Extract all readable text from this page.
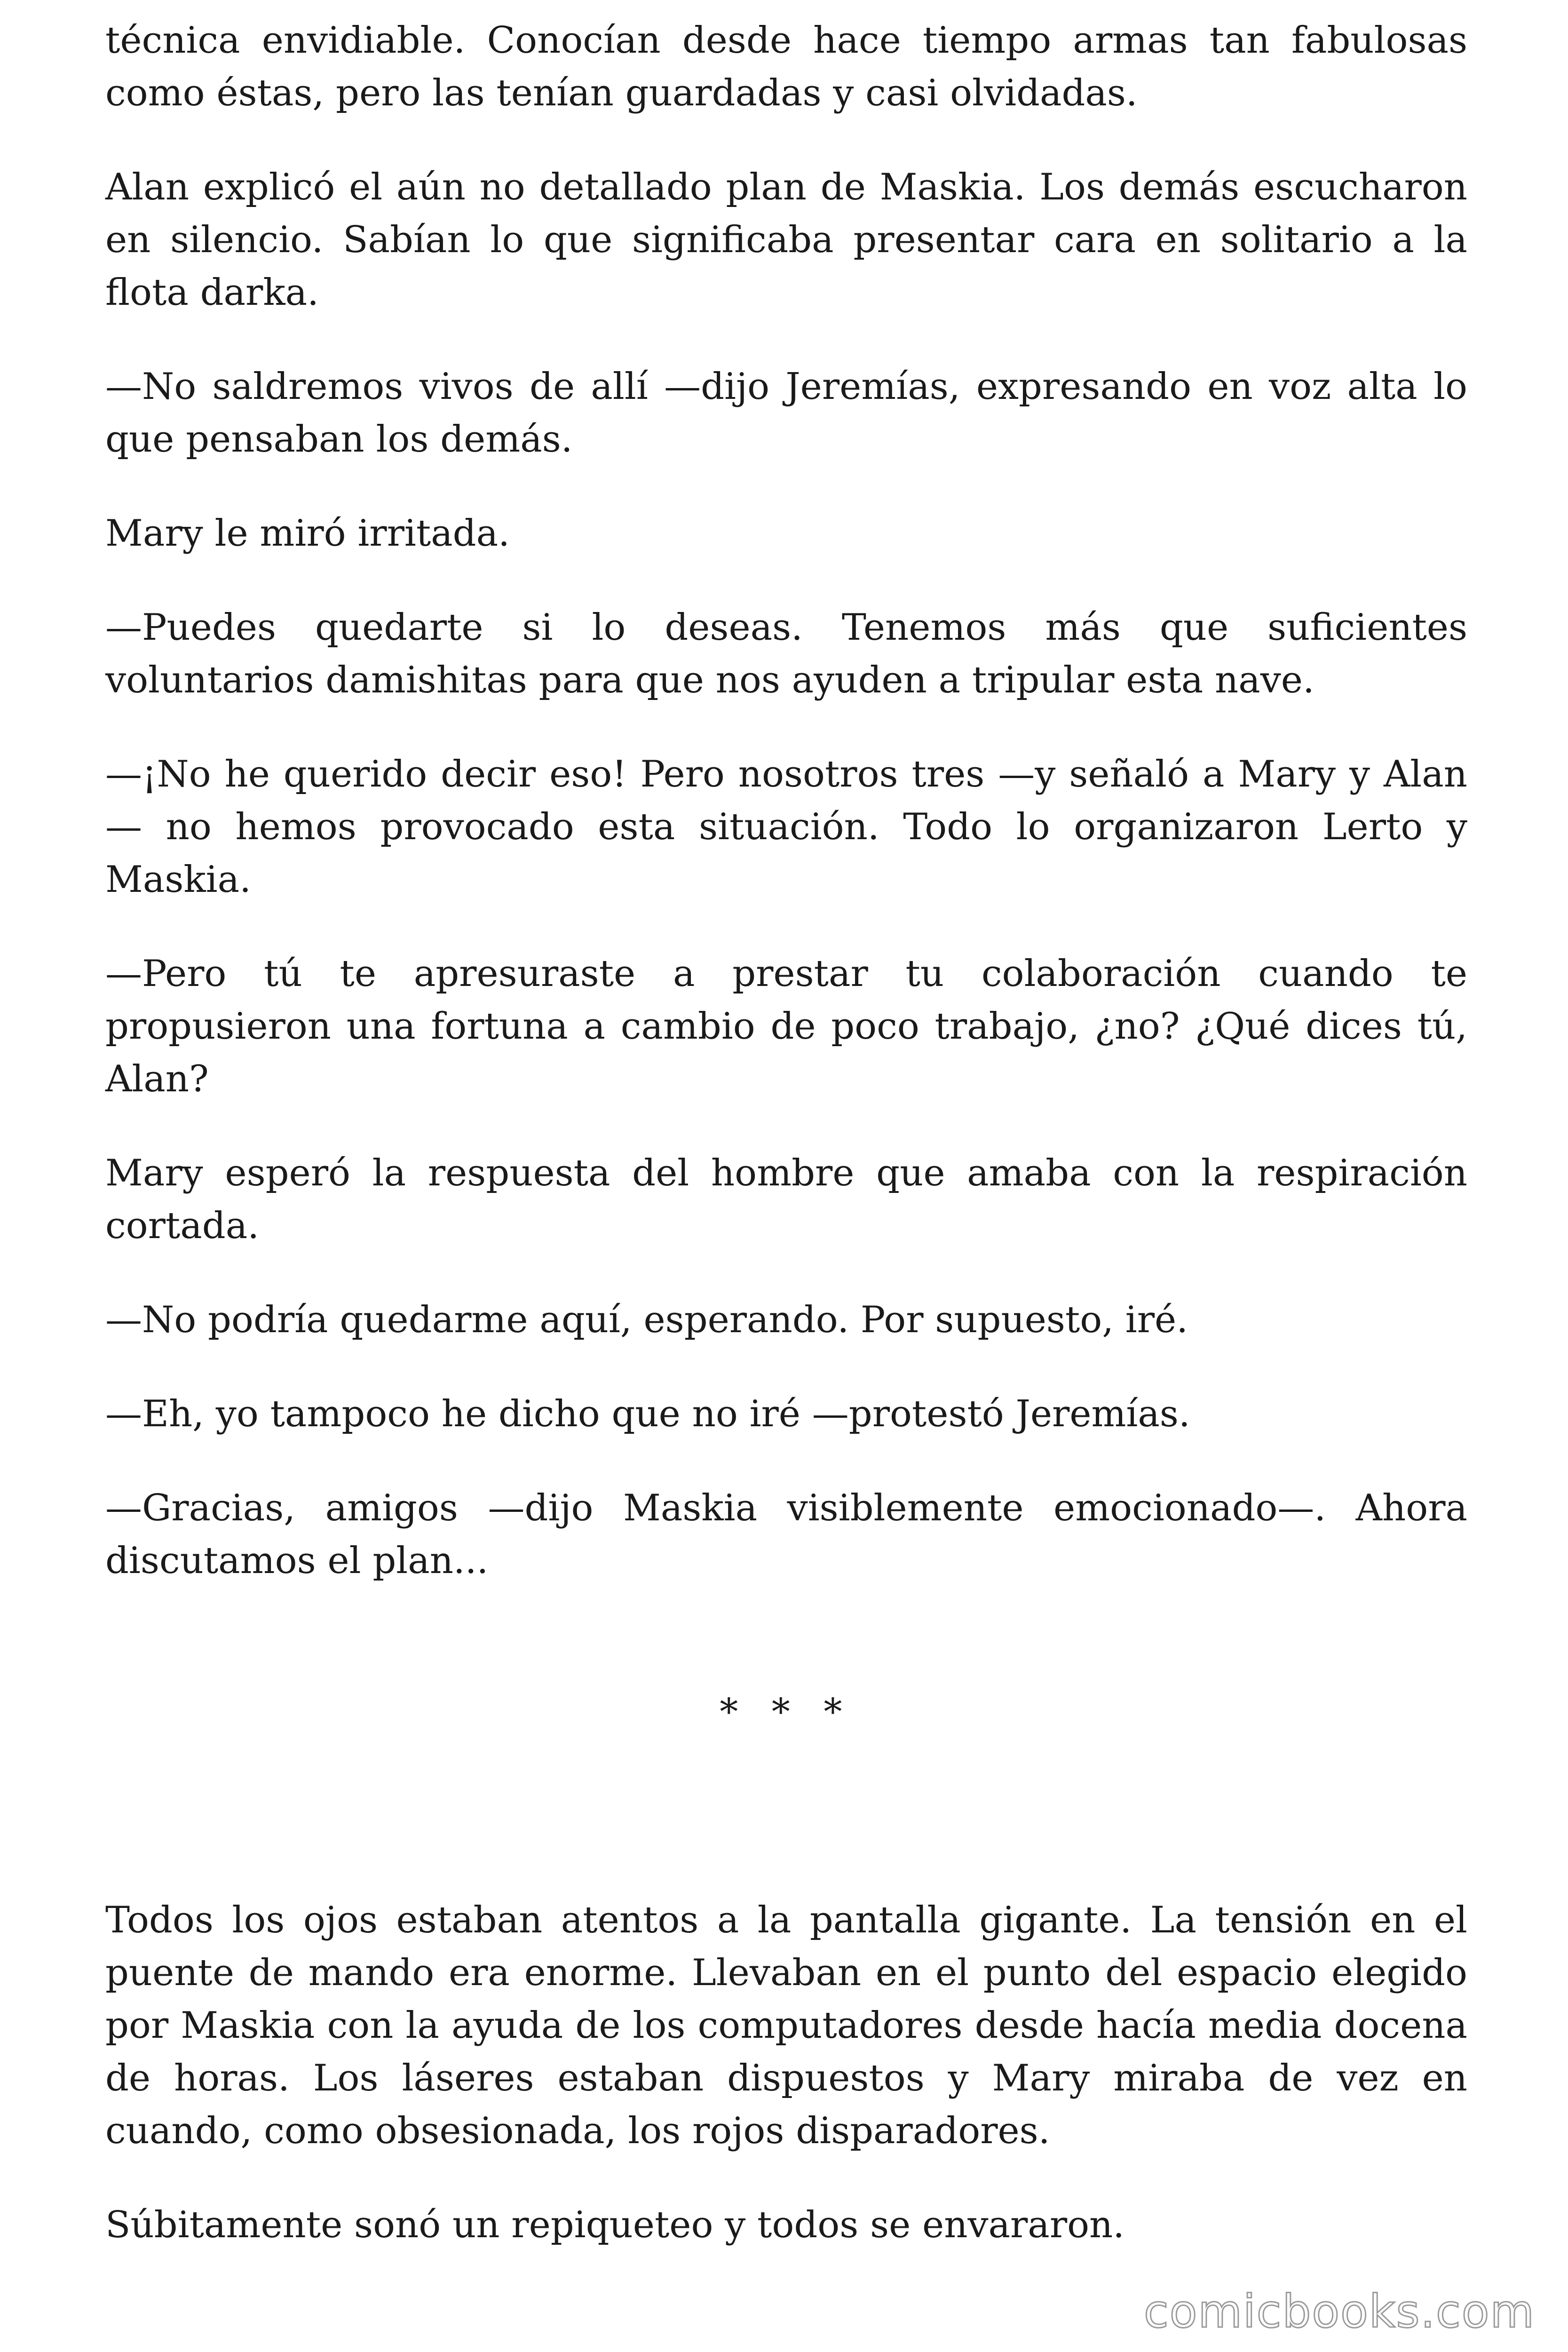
técnica envidiable. Conocían desde hace tiempo armas tan fabulosas como éstas, pero las tenían guardadas y casi olvidadas.

Alan explicó el aún no detallado plan de Maskia. Los demás escucharon en silencio. Sabían lo que significaba presentar cara en solitario a la flota darka.

—No saldremos vivos de allí —dijo Jeremías, expresando en voz alta lo que pensaban los demás.

Mary le miró irritada.

—Puedes quedarte si lo deseas. Tenemos más que suficientes voluntarios damishitas para que nos ayuden a tripular esta nave.

—¡No he querido decir eso! Pero nosotros tres —y señaló a Mary y Alan— no hemos provocado esta situación. Todo lo organizaron Lerto y Maskia.

—Pero tú te apresuraste a prestar tu colaboración cuando te propusieron una fortuna a cambio de poco trabajo, ¿no? ¿Qué dices tú, Alan?

Mary esperó la respuesta del hombre que amaba con la respiración cortada.

—No podría quedarme aquí, esperando. Por supuesto, iré.

—Eh, yo tampoco he dicho que no iré —protestó Jeremías.

—Gracias, amigos —dijo Maskia visiblemente emocionado—. Ahora discutamos el plan...

* * *

Todos los ojos estaban atentos a la pantalla gigante. La tensión en el puente de mando era enorme. Llevaban en el punto del espacio elegido por Maskia con la ayuda de los computadores desde hacía media docena de horas. Los láseres estaban dispuestos y Mary miraba de vez en cuando, como obsesionada, los rojos disparadores.

Súbitamente sonó un repiqueteo y todos se envararon.

comicbooks.com
